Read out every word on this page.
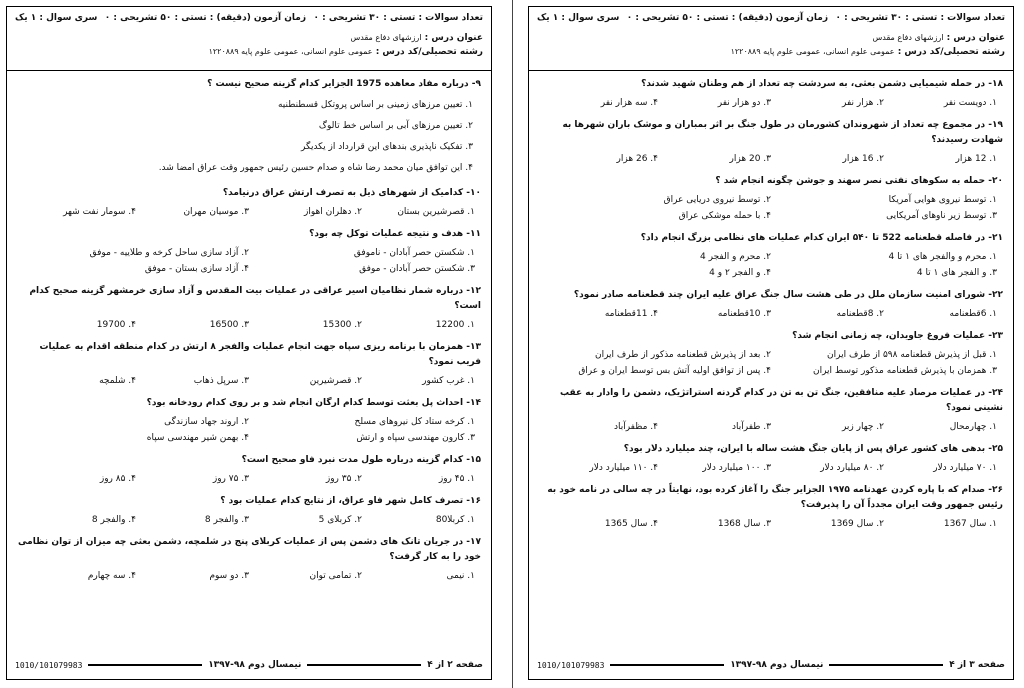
تعداد سوالات : تستی : ۳۰ تشریحی : ۰
زمان آزمون (دقیقه) : تستی : ۵۰ تشریحی : ۰
سری سوال : ۱ یک
عنوان درس : ارزشهای دفاع مقدس
رشته تحصیلی/کد درس : عمومی علوم انسانی، عمومی علوم پایه ۱۲۲۰۸۸۹
۹- درباره مفاد معاهده 1975 الجزایر کدام گزینه صحیح نیست ؟
۱. تعیین مرزهای زمینی بر اساس پروتکل قسطنطنیه
۲. تعیین مرزهای آبی بر اساس خط تالوگ
۳. تفکیک ناپذیری بندهای این قرارداد از یکدیگر
۴. این توافق میان محمد رضا شاه و صدام حسین رئیس جمهور وقت عراق امضا شد.
۱۰- کدامیک از شهرهای ذیل به تصرف ارتش عراق درنیامد؟
۱. قصرشیرین بستان
۲. دهلران اهواز
۳. موسیان مهران
۴. سومار نفت شهر
۱۱- هدف و نتیجه عملیات توکل چه بود؟
۱. شکستن حصر آبادان - ناموفق
۲. آزاد سازی ساحل کرخه و طلاییه - موفق
۳. شکستن حصر آبادان - موفق
۴. آزاد سازی بستان - موفق
۱۲- درباره شمار نظامیان اسیر عراقی در عملیات بیت المقدس و آزاد سازی خرمشهر گزینه صحیح کدام است؟
۱. 12200
۲. 15300
۳. 16500
۴. 19700
۱۳- همزمان با برنامه ریزی سپاه جهت انجام عملیات والفجر ۸ ارتش در کدام منطقه اقدام به عملیات فریب نمود؟
۱. غرب کشور
۲. قصرشیرین
۳. سرپل ذهاب
۴. شلمچه
۱۴- احداث پل بعثت توسط کدام ارگان انجام شد و بر روی کدام رودخانه بود؟
۱. کرخه ستاد کل نیروهای مسلح
۲. اروند جهاد سازندگی
۳. کارون مهندسی سپاه و ارتش
۴. بهمن شیر مهندسی سپاه
۱۵- کدام گزینه درباره طول مدت نبرد فاو صحیح است؟
۱. ۴۵ روز
۲. ۳۵ روز
۳. ۷۵ روز
۴. ۸۵ روز
۱۶- تصرف کامل شهر فاو عراق، از نتایج کدام عملیات بود ؟
۱. کربلا80
۲. کربلای 5
۳. والفجر 8
۴. والفجر 8
۱۷- در جریان تانک های دشمن پس از عملیات کربلای پنج در شلمچه، دشمن بعثی چه میزان از توان نظامی خود را به کار گرفت؟
۱. نیمی
۲. تمامی توان
۳. دو سوم
۴. سه چهارم
صفحه ۲ از ۴
نیمسال دوم ۹۸-۱۳۹۷
1010/101079983
تعداد سوالات : تستی : ۳۰ تشریحی : ۰
زمان آزمون (دقیقه) : تستی : ۵۰ تشریحی : ۰
سری سوال : ۱ یک
عنوان درس : ارزشهای دفاع مقدس
رشته تحصیلی/کد درس : عمومی علوم انسانی، عمومی علوم پایه ۱۲۲۰۸۸۹
۱۸- در حمله شیمیایی دشمن بعثی، به سردشت چه تعداد از هم وطنان شهید شدند؟
۱. دویست نفر
۲. هزار نفر
۳. دو هزار نفر
۴. سه هزار نفر
۱۹- در مجموع چه تعداد از شهروندان کشورمان در طول جنگ بر اثر بمباران و موشک باران شهرها به شهادت رسیدند؟
۱. 12 هزار
۲. 16 هزار
۳. 20 هزار
۴. 26 هزار
۲۰- حمله به سکوهای نفتی نصر سهند و جوشن چگونه انجام شد ؟
۱. توسط نیروی هوایی آمریکا
۲. توسط نیروی دریایی عراق
۳. توسط زیر ناوهای آمریکایی
۴. با حمله موشکی عراق
۲۱- در فاصله قطعنامه 522 تا ۵۴۰ ایران کدام عملیات های نظامی بزرگ انجام داد؟
۱. محرم و والفجر های ۱ تا 4
۲. محرم و الفجر 4
۳. و الفجر های ۱ تا 4
۴. و الفجر ۲ و 4
۲۲- شورای امنیت سازمان ملل در طی هشت سال جنگ عراق علیه ایران چند قطعنامه صادر نمود؟
۱. 6قطعنامه
۲. 8قطعنامه
۳. 10قطعنامه
۴. 11قطعنامه
۲۳- عملیات فروغ جاویدان، چه زمانی انجام شد؟
۱. قبل از پذیرش قطعنامه ۵۹۸ از طرف ایران
۲. بعد از پذیرش قطعنامه مذکور از طرف ایران
۳. همزمان با پذیرش قطعنامه مذکور توسط ایران
۴. پس از توافق اولیه آتش بس توسط ایران و عراق
۲۴- در عملیات مرصاد علیه منافقین، جنگ تن به تن در کدام گردنه استراتژیک، دشمن را وادار به عقب نشینی نمود؟
۱. چهارمحال
۲. چهار زبر
۳. طفرآباد
۴. مظفرآباد
۲۵- بدهی های کشور عراق پس از پایان جنگ هشت ساله با ایران، چند میلیارد دلار بود؟
۱. ۷۰ میلیارد دلار
۲. ۸۰ میلیارد دلار
۳. ۱۰۰ میلیارد دلار
۴. ۱۱۰ میلیارد دلار
۲۶- صدام که با پاره کردن عهدنامه ۱۹۷۵ الجزایر جنگ را آغاز کرده بود، نهایتاً در چه سالی در نامه خود به رئیس جمهور وقت ایران مجدداً آن را پذیرفت؟
۱. سال 1367
۲. سال 1369
۳. سال 1368
۴. سال 1365
صفحه ۳ از ۴
نیمسال دوم ۹۸-۱۳۹۷
1010/101079983
